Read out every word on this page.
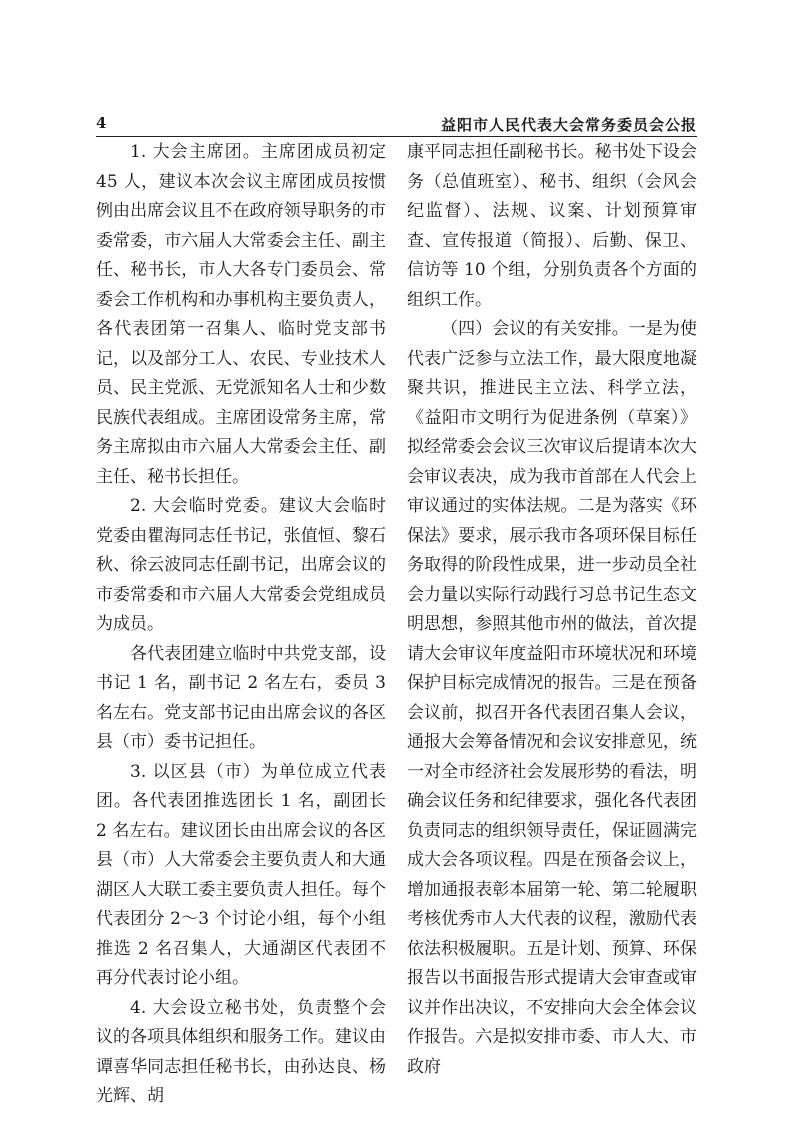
4	益阳市人民代表大会常务委员会公报

1. 大会主席团。主席团成员初定 45 人，建议本次会议主席团成员按惯例由出席会议且不在政府领导职务的市委常委，市六届人大常委会主任、副主任、秘书长，市人大各专门委员会、常委会工作机构和办事机构主要负责人，各代表团第一召集人、临时党支部书记，以及部分工人、农民、专业技术人员、民主党派、无党派知名人士和少数民族代表组成。主席团设常务主席，常务主席拟由市六届人大常委会主任、副主任、秘书长担任。

2. 大会临时党委。建议大会临时党委由瞿海同志任书记，张值恒、黎石秋、徐云波同志任副书记，出席会议的市委常委和市六届人大常委会党组成员为成员。

各代表团建立临时中共党支部，设书记 1 名，副书记 2 名左右，委员 3 名左右。党支部书记由出席会议的各区县（市）委书记担任。

3. 以区县（市）为单位成立代表团。各代表团推选团长 1 名，副团长 2 名左右。建议团长由出席会议的各区县（市）人大常委会主要负责人和大通湖区人大联工委主要负责人担任。每个代表团分 2～3 个讨论小组，每个小组推选 2 名召集人，大通湖区代表团不再分代表讨论小组。

4. 大会设立秘书处，负责整个会议的各项具体组织和服务工作。建议由谭喜华同志担任秘书长，由孙达良、杨光辉、胡

康平同志担任副秘书长。秘书处下设会务（总值班室）、秘书、组织（会风会纪监督）、法规、议案、计划预算审查、宣传报道（简报）、后勤、保卫、信访等 10 个组，分别负责各个方面的组织工作。

（四）会议的有关安排。一是为使代表广泛参与立法工作，最大限度地凝聚共识，推进民主立法、科学立法，《益阳市文明行为促进条例（草案）》拟经常委会会议三次审议后提请本次大会审议表决，成为我市首部在人代会上审议通过的实体法规。二是为落实《环保法》要求，展示我市各项环保目标任务取得的阶段性成果，进一步动员全社会力量以实际行动践行习总书记生态文明思想，参照其他市州的做法，首次提请大会审议年度益阳市环境状况和环境保护目标完成情况的报告。三是在预备会议前，拟召开各代表团召集人会议，通报大会筹备情况和会议安排意见，统一对全市经济社会发展形势的看法，明确会议任务和纪律要求，强化各代表团负责同志的组织领导责任，保证圆满完成大会各项议程。四是在预备会议上，增加通报表彰本届第一轮、第二轮履职考核优秀市人大代表的议程，激励代表依法积极履职。五是计划、预算、环保报告以书面报告形式提请大会审查或审议并作出决议，不安排向大会全体会议作报告。六是拟安排市委、市人大、市政府
